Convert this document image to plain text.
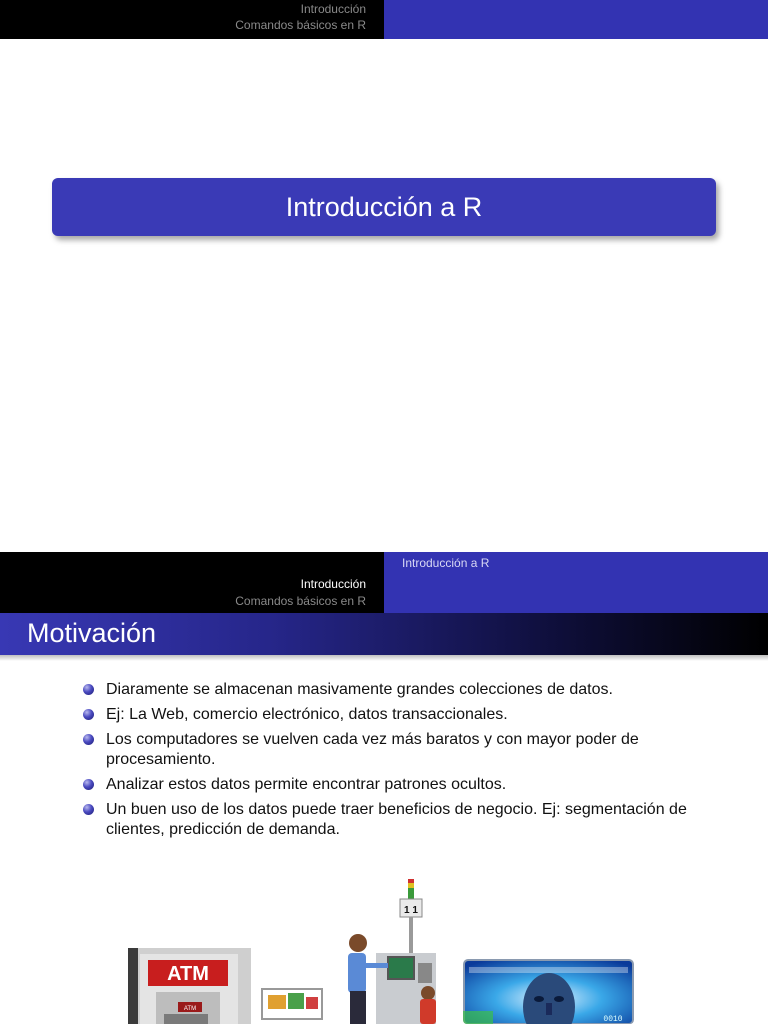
Introducción
Comandos básicos en R
Introducción a R
Introducción a R
Introducción
Comandos básicos en R
Motivación
Diaramente se almacenan masivamente grandes colecciones de datos.
Ej: La Web, comercio electrónico, datos transaccionales.
Los computadores se vuelven cada vez más baratos y con mayor poder de procesamiento.
Analizar estos datos permite encontrar patrones ocultos.
Un buen uso de los datos puede traer beneficios de negocio. Ej: segmentación de clientes, predicción de demanda.
ATM
ATM
1 1
0010
